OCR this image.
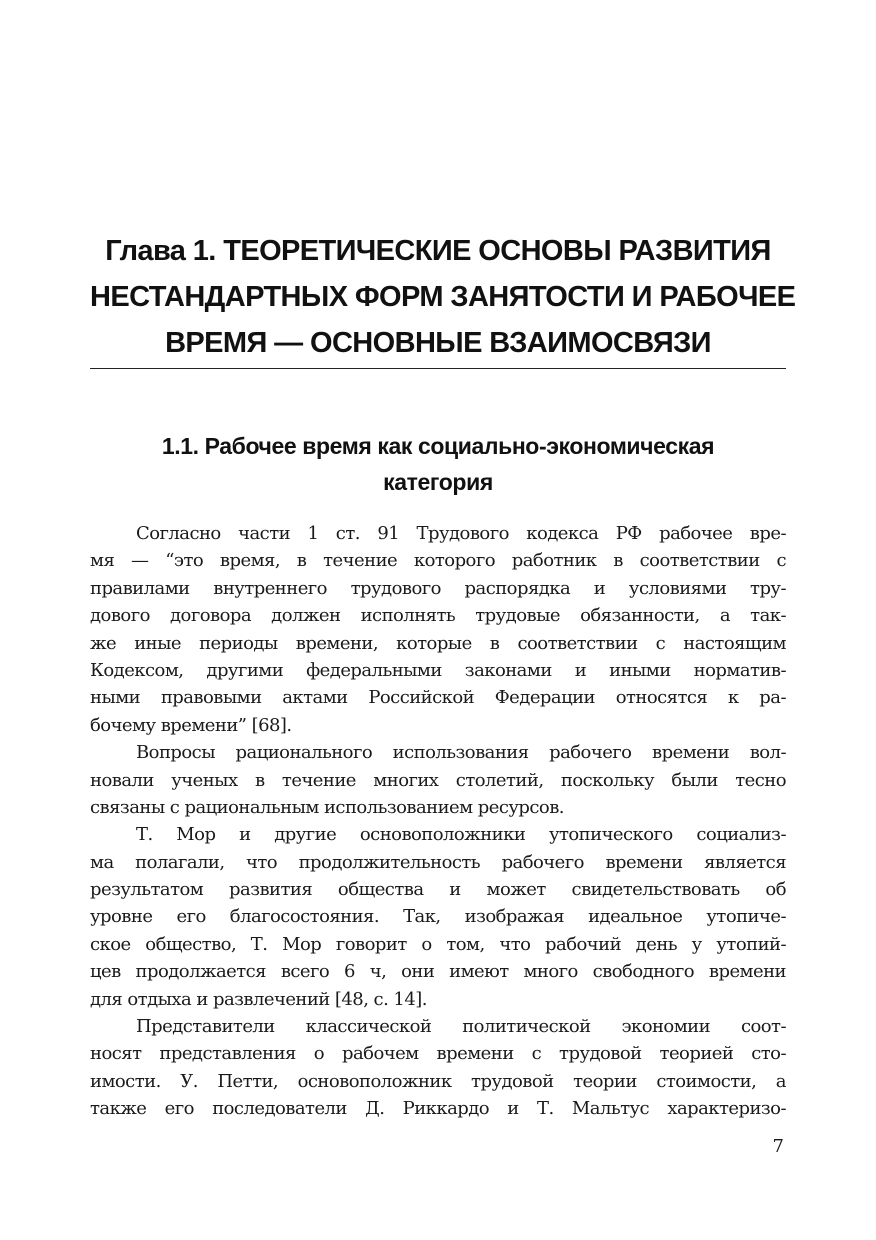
Глава 1. ТЕОРЕТИЧЕСКИЕ ОСНОВЫ РАЗВИТИЯ
НЕСТАНДАРТНЫХ ФОРМ ЗАНЯТОСТИ И РАБОЧЕЕ
ВРЕМЯ — ОСНОВНЫЕ ВЗАИМОСВЯЗИ
1.1. Рабочее время как социально-экономическая
категория
Согласно части 1 ст. 91 Трудового кодекса РФ рабочее вре-
мя — “это время, в течение которого работник в соответствии с
правилами внутреннего трудового распорядка и условиями тру-
дового договора должен исполнять трудовые обязанности, а так-
же иные периоды времени, которые в соответствии с настоящим
Кодексом, другими федеральными законами и иными норматив-
ными правовыми актами Российской Федерации относятся к ра-
бочему времени” [68].
Вопросы рационального использования рабочего времени вол-
новали ученых в течение многих столетий, поскольку были тесно
связаны с рациональным использованием ресурсов.
Т. Мор и другие основоположники утопического социализ-
ма полагали, что продолжительность рабочего времени является
результатом развития общества и может свидетельствовать об
уровне его благосостояния. Так, изображая идеальное утопиче-
ское общество, Т. Мор говорит о том, что рабочий день у утопий-
цев продолжается всего 6 ч, они имеют много свободного времени
для отдыха и развлечений [48, с. 14].
Представители классической политической экономии соот-
носят представления о рабочем времени с трудовой теорией сто-
имости. У. Петти, основоположник трудовой теории стоимости, а
также его последователи Д. Риккардо и Т. Мальтус характеризо-
7
